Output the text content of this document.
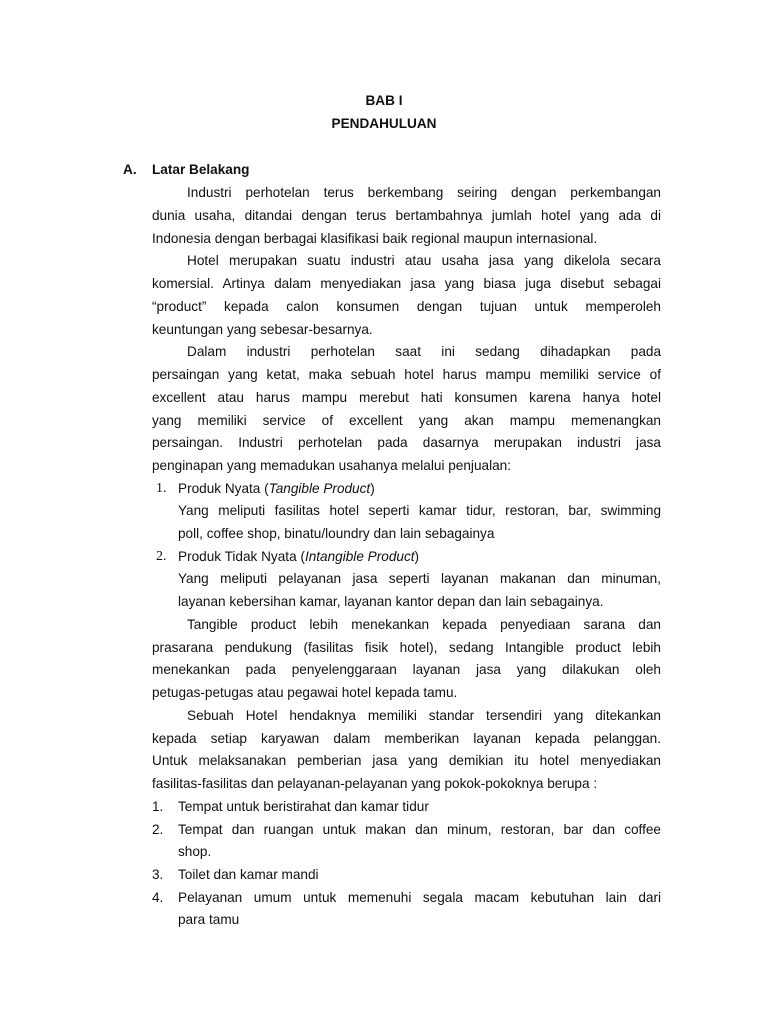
BAB I
PENDAHULUAN
A. Latar Belakang
Industri perhotelan terus berkembang seiring dengan perkembangan
dunia usaha, ditandai dengan terus bertambahnya jumlah hotel yang ada di
Indonesia dengan berbagai klasifikasi baik regional maupun internasional.
Hotel merupakan suatu industri atau usaha jasa yang dikelola secara
komersial. Artinya dalam menyediakan jasa yang biasa juga disebut sebagai
“product” kepada calon konsumen dengan tujuan untuk memperoleh
keuntungan yang sebesar-besarnya.
Dalam industri perhotelan saat ini sedang dihadapkan pada
persaingan yang ketat, maka sebuah hotel harus mampu memiliki service of
excellent atau harus mampu merebut hati konsumen karena hanya hotel
yang memiliki service of excellent yang akan mampu memenangkan
persaingan. Industri perhotelan pada dasarnya merupakan industri jasa
penginapan yang memadukan usahanya melalui penjualan:
1. Produk Nyata (Tangible Product)
Yang meliputi fasilitas hotel seperti kamar tidur, restoran, bar, swimming
poll, coffee shop, binatu/loundry dan lain sebagainya
2. Produk Tidak Nyata (Intangible Product)
Yang meliputi pelayanan jasa seperti layanan makanan dan minuman,
layanan kebersihan kamar, layanan kantor depan dan lain sebagainya.
Tangible product lebih menekankan kepada penyediaan sarana dan
prasarana pendukung (fasilitas fisik hotel), sedang Intangible product lebih
menekankan pada penyelenggaraan layanan jasa yang dilakukan oleh
petugas-petugas atau pegawai hotel kepada tamu.
Sebuah Hotel hendaknya memiliki standar tersendiri yang ditekankan
kepada setiap karyawan dalam memberikan layanan kepada pelanggan.
Untuk melaksanakan pemberian jasa yang demikian itu hotel menyediakan
fasilitas-fasilitas dan pelayanan-pelayanan yang pokok-pokoknya berupa :
1. Tempat untuk beristirahat dan kamar tidur
2. Tempat dan ruangan untuk makan dan minum, restoran, bar dan coffee
shop.
3. Toilet dan kamar mandi
4. Pelayanan umum untuk memenuhi segala macam kebutuhan lain dari
para tamu
